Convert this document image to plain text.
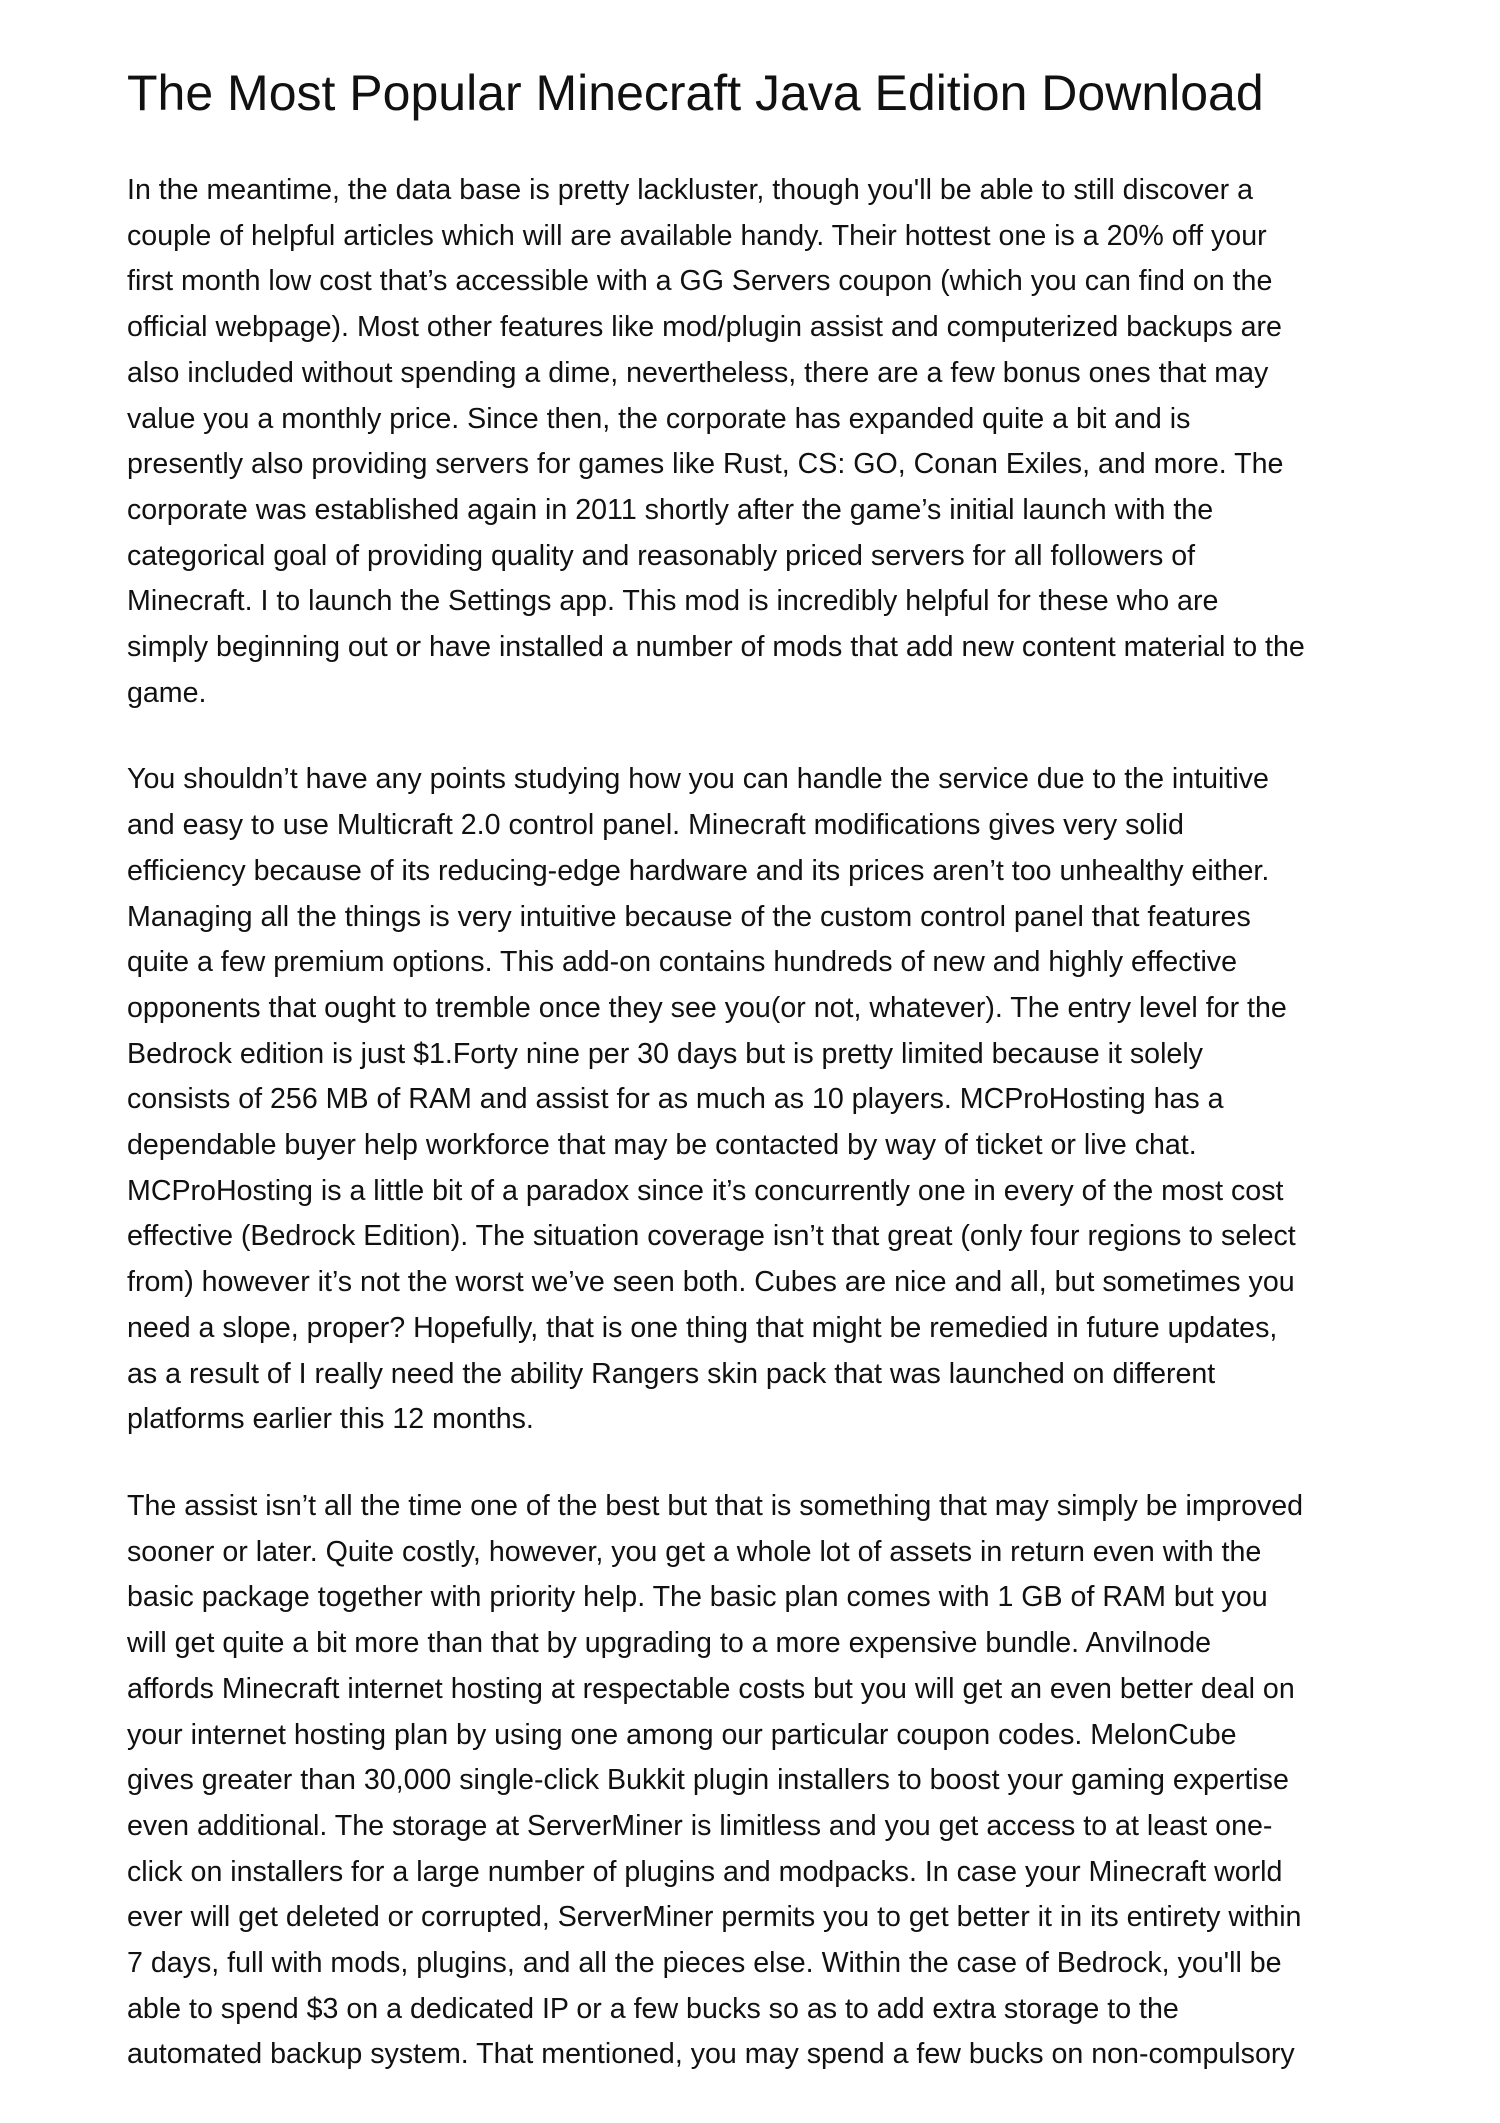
The Most Popular Minecraft Java Edition Download

In the meantime, the data base is pretty lackluster, though you'll be able to still discover a
couple of helpful articles which will are available handy. Their hottest one is a 20% off your
first month low cost that’s accessible with a GG Servers coupon (which you can find on the
official webpage). Most other features like mod/plugin assist and computerized backups are
also included without spending a dime, nevertheless, there are a few bonus ones that may
value you a monthly price. Since then, the corporate has expanded quite a bit and is
presently also providing servers for games like Rust, CS: GO, Conan Exiles, and more. The
corporate was established again in 2011 shortly after the game’s initial launch with the
categorical goal of providing quality and reasonably priced servers for all followers of
Minecraft. I to launch the Settings app. This mod is incredibly helpful for these who are
simply beginning out or have installed a number of mods that add new content material to the
game.

You shouldn’t have any points studying how you can handle the service due to the intuitive
and easy to use Multicraft 2.0 control panel. Minecraft modifications gives very solid
efficiency because of its reducing-edge hardware and its prices aren’t too unhealthy either.
Managing all the things is very intuitive because of the custom control panel that features
quite a few premium options. This add-on contains hundreds of new and highly effective
opponents that ought to tremble once they see you(or not, whatever). The entry level for the
Bedrock edition is just $1.Forty nine per 30 days but is pretty limited because it solely
consists of 256 MB of RAM and assist for as much as 10 players. MCProHosting has a
dependable buyer help workforce that may be contacted by way of ticket or live chat.
MCProHosting is a little bit of a paradox since it’s concurrently one in every of the most cost
effective (Bedrock Edition). The situation coverage isn’t that great (only four regions to select
from) however it’s not the worst we’ve seen both. Cubes are nice and all, but sometimes you
need a slope, proper? Hopefully, that is one thing that might be remedied in future updates,
as a result of I really need the ability Rangers skin pack that was launched on different
platforms earlier this 12 months.

The assist isn’t all the time one of the best but that is something that may simply be improved
sooner or later. Quite costly, however, you get a whole lot of assets in return even with the
basic package together with priority help. The basic plan comes with 1 GB of RAM but you
will get quite a bit more than that by upgrading to a more expensive bundle. Anvilnode
affords Minecraft internet hosting at respectable costs but you will get an even better deal on
your internet hosting plan by using one among our particular coupon codes. MelonCube
gives greater than 30,000 single-click Bukkit plugin installers to boost your gaming expertise
even additional. The storage at ServerMiner is limitless and you get access to at least one-
click on installers for a large number of plugins and modpacks. In case your Minecraft world
ever will get deleted or corrupted, ServerMiner permits you to get better it in its entirety within
7 days, full with mods, plugins, and all the pieces else. Within the case of Bedrock, you'll be
able to spend $3 on a dedicated IP or a few bucks so as to add extra storage to the
automated backup system. That mentioned, you may spend a few bucks on non-compulsory
